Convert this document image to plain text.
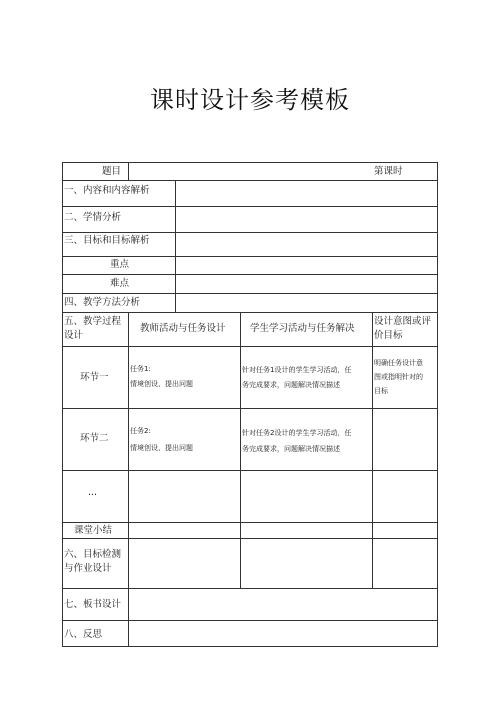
课时设计参考模板
题目	第课时
一、内容和内容解析
二、学情分析
三、目标和目标解析
重点
难点
四、教学方法分析
五、教学过程设计
教师活动与任务设计	学生学习活动与任务解决
设计意图或评价目标
环节一
任务1:
情境创设、提出问题
针对任务1设计的学生学习活动，任
务完成要求，问题解决情况描述
明确任务设计意
图或指明针对的
目标
环节二
任务2:
情境创设、提出问题
针对任务2设计的学生学习活动，任
务完成要求，问题解决情况描述
···
课堂小结
六、目标检测与作业设计
七、板书设计
八、反思
